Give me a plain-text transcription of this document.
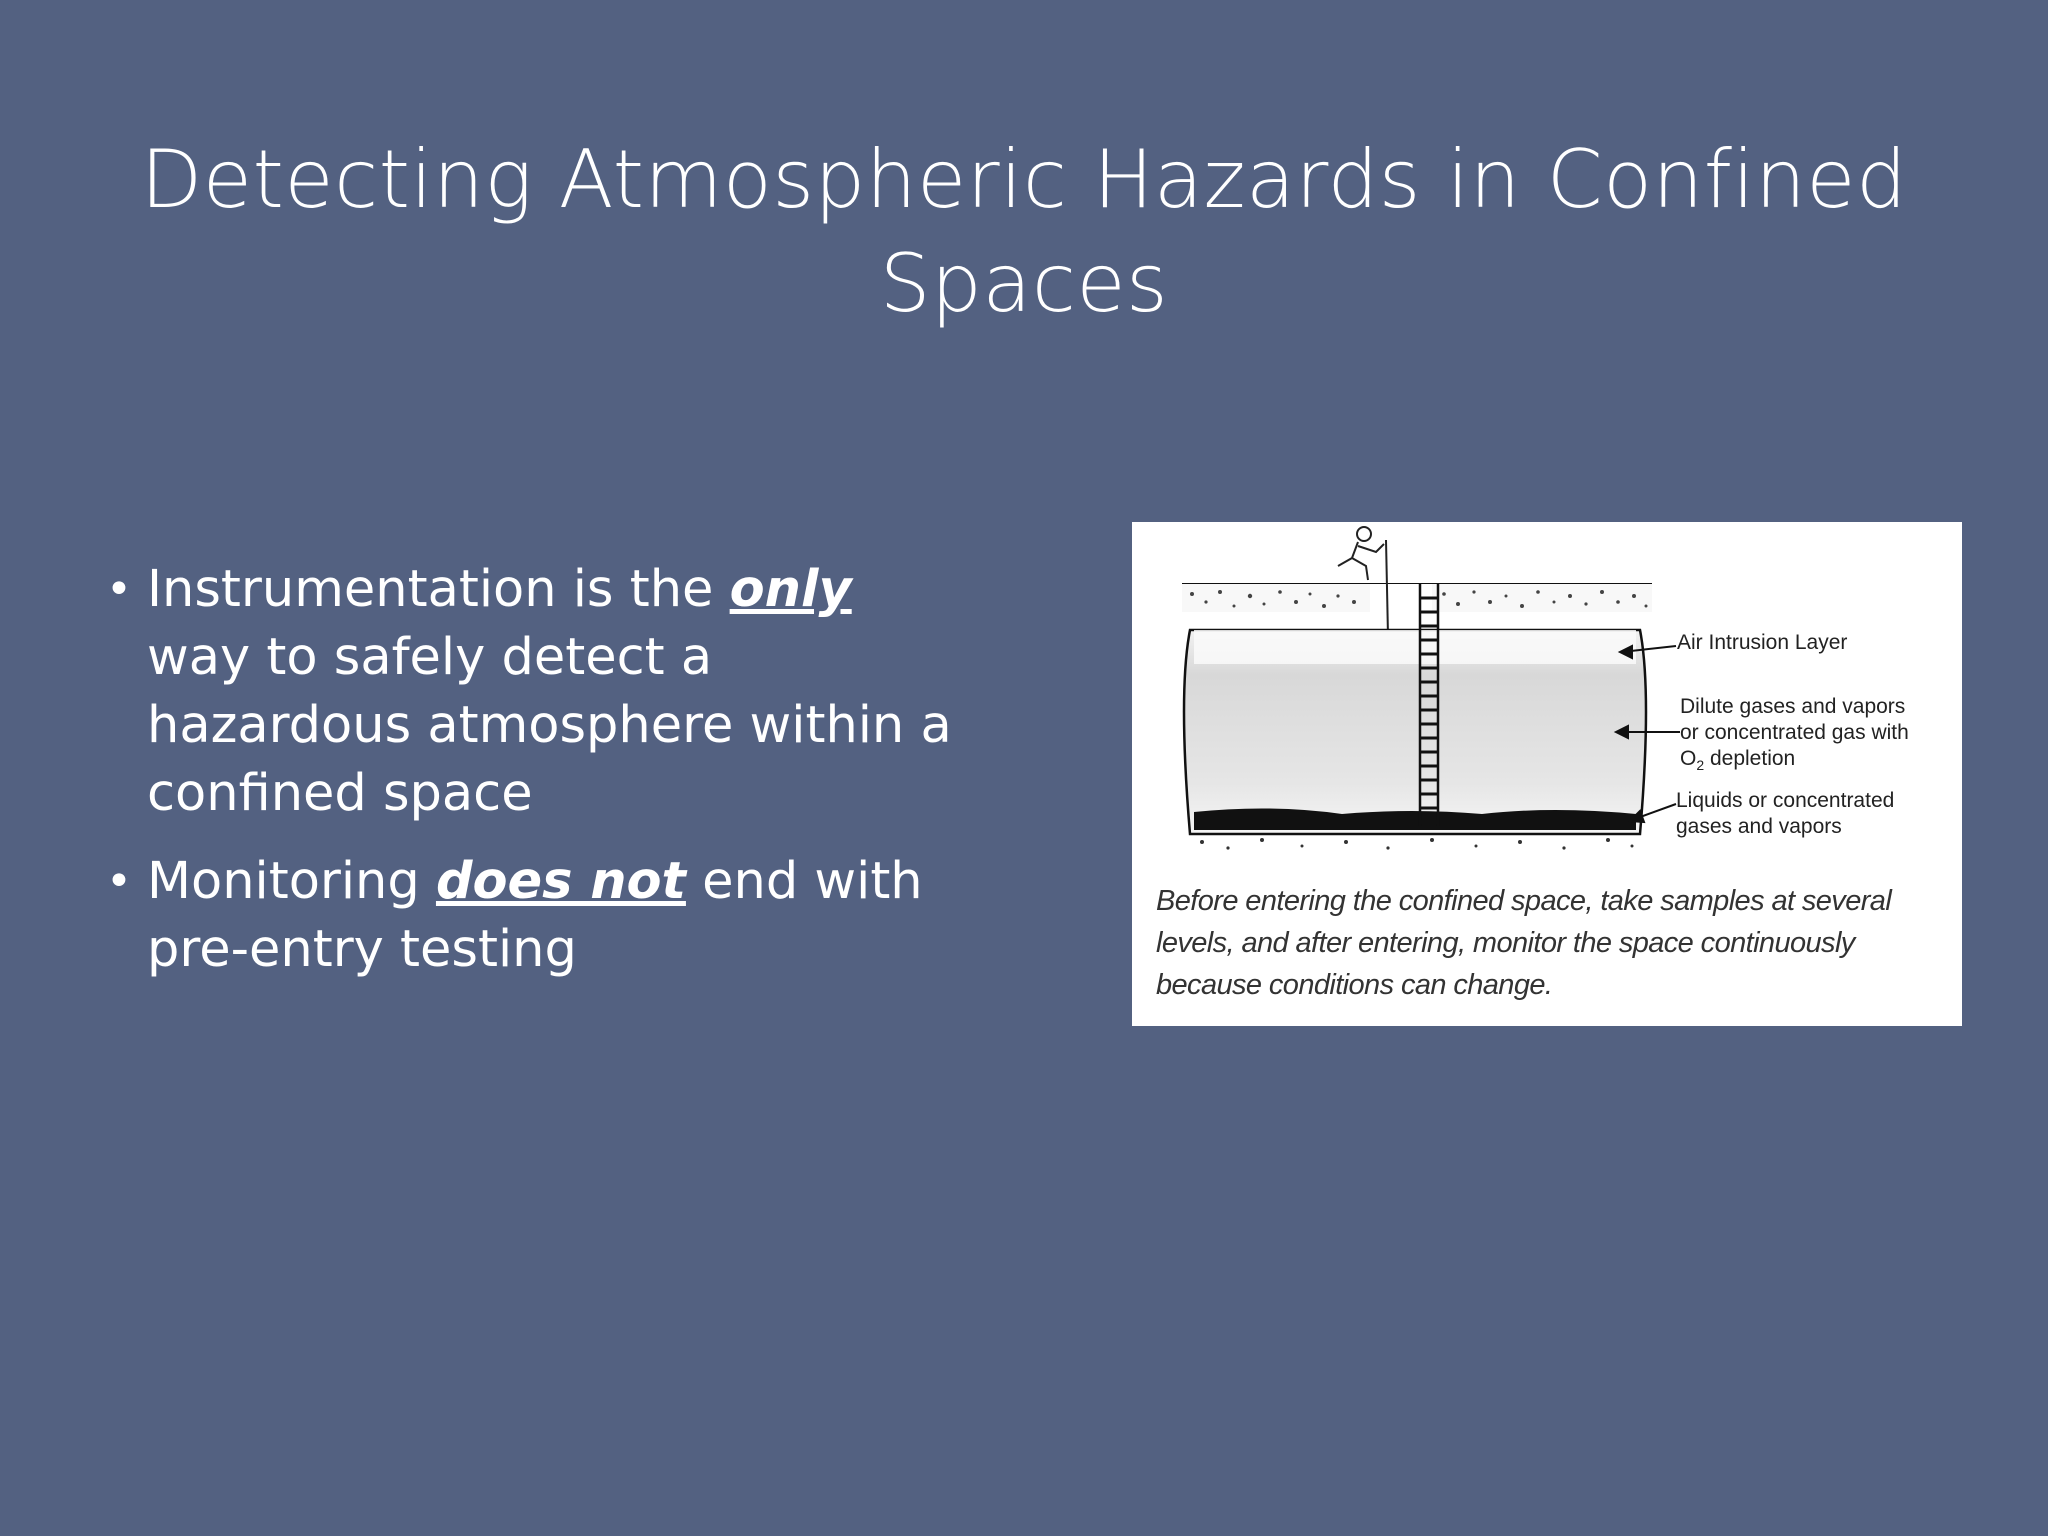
Detecting Atmospheric Hazards in Confined Spaces
• Instrumentation is the only way to safely detect a hazardous atmosphere within a confined space
• Monitoring does not end with pre-entry testing
Air Intrusion Layer
Dilute gases and vapors
or concentrated gas with
$O_2$ depletion
Liquids or concentrated
gases and vapors
Before entering the confined space, take samples at several levels, and after entering, monitor the space continuously because conditions can change.
